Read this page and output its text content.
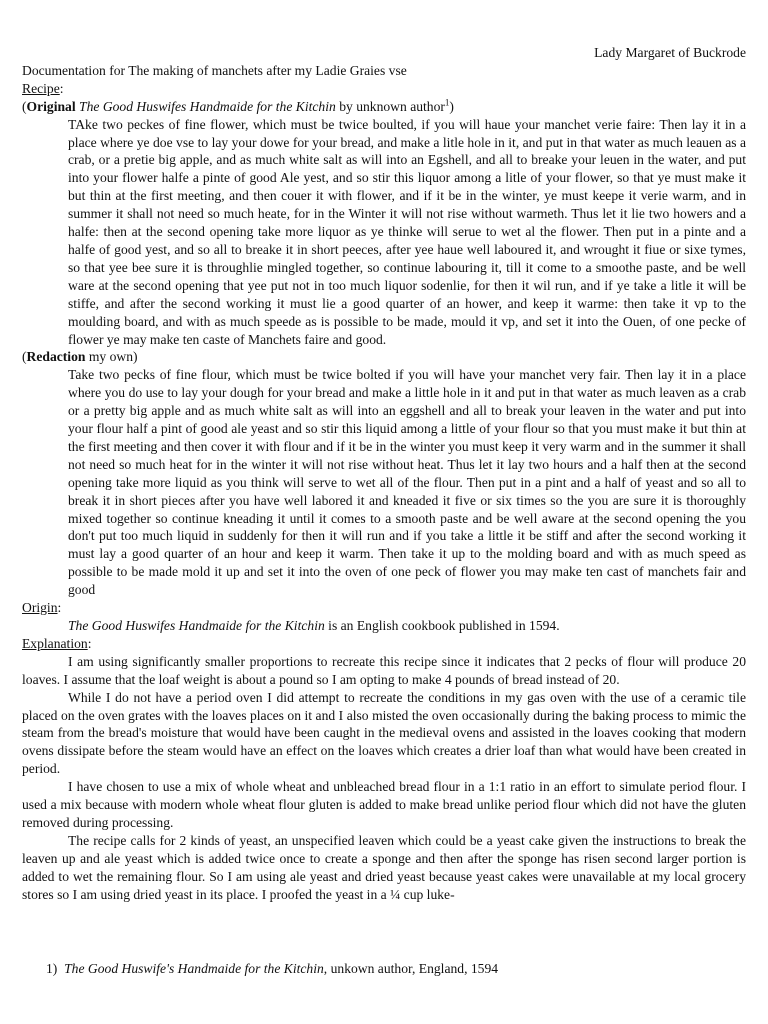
Lady Margaret of Buckrode
Documentation for The making of manchets after my Ladie Graies vse
Recipe:
(Original The Good Huswifes Handmaide for the Kitchin by unknown author$^1$)
TAke two peckes of fine flower, which must be twice boulted, if you will haue your manchet verie faire: Then lay it in a place where ye doe vse to lay your dowe for your bread, and make a litle hole in it, and put in that water as much leauen as a crab, or a pretie big apple, and as much white salt as will into an Egshell, and all to breake your leuen in the water, and put into your flower halfe a pinte of good Ale yest, and so stir this liquor among a litle of your flower, so that ye must make it but thin at the first meeting, and then couer it with flower, and if it be in the winter, ye must keepe it verie warm, and in summer it shall not need so much heate, for in the Winter it will not rise without warmeth. Thus let it lie two howers and a halfe: then at the second opening take more liquor as ye thinke will serue to wet al the flower. Then put in a pinte and a halfe of good yest, and so all to breake it in short peeces, after yee haue well laboured it, and wrought it fiue or sixe tymes, so that yee bee sure it is throughlie mingled together, so continue labouring it, till it come to a smoothe paste, and be well ware at the second opening that yee put not in too much liquor sodenlie, for then it wil run, and if ye take a litle it will be stiffe, and after the second working it must lie a good quarter of an hower, and keep it warme: then take it vp to the moulding board, and with as much speede as is possible to be made, mould it vp, and set it into the Ouen, of one pecke of flower ye may make ten caste of Manchets faire and good.
(Redaction my own)
Take two pecks of fine flour, which must be twice bolted if you will have your manchet very fair. Then lay it in a place where you do use to lay your dough for your bread and make a little hole in it and put in that water as much leaven as a crab or a pretty big apple and as much white salt as will into an eggshell and all to break your leaven in the water and put into your flour half a pint of good ale yeast and so stir this liquid among a little of your flour so that you must make it but thin at the first meeting and then cover it with flour and if it be in the winter you must keep it very warm and in the summer it shall not need so much heat for in the winter it will not rise without heat. Thus let it lay two hours and a half then at the second opening take more liquid as you think will serve to wet all of the flour. Then put in a pint and a half of yeast and so all to break it in short pieces after you have well labored it and kneaded it five or six times so the you are sure it is thoroughly mixed together so continue kneading it until it comes to a smooth paste and be well aware at the second opening the you don't put too much liquid in suddenly for then it will run and if you take a little it be stiff and after the second working it must lay a good quarter of an hour and keep it warm. Then take it up to the molding board and with as much speed as possible to be made mold it up and set it into the oven of one peck of flower you may make ten cast of manchets fair and good
Origin:
The Good Huswifes Handmaide for the Kitchin is an English cookbook published in 1594.
Explanation:
I am using significantly smaller proportions to recreate this recipe since it indicates that 2 pecks of flour will produce 20 loaves. I assume that the loaf weight is about a pound so I am opting to make 4 pounds of bread instead of 20.
While I do not have a period oven I did attempt to recreate the conditions in my gas oven with the use of a ceramic tile placed on the oven grates with the loaves places on it and I also misted the oven occasionally during the baking process to mimic the steam from the bread's moisture that would have been caught in the medieval ovens and assisted in the loaves cooking that modern ovens dissipate before the steam would have an effect on the loaves which creates a drier loaf than what would have been created in period.
I have chosen to use a mix of whole wheat and unbleached bread flour in a 1:1 ratio in an effort to simulate period flour. I used a mix because with modern whole wheat flour gluten is added to make bread unlike period flour which did not have the gluten removed during processing.
The recipe calls for 2 kinds of yeast, an unspecified leaven which could be a yeast cake given the instructions to break the leaven up and ale yeast which is added twice once to create a sponge and then after the sponge has risen second larger portion is added to wet the remaining flour. So I am using ale yeast and dried yeast because yeast cakes were unavailable at my local grocery stores so I am using dried yeast in its place. I proofed the yeast in a ¼ cup luke-
1) The Good Huswife's Handmaide for the Kitchin, unkown author, England, 1594
